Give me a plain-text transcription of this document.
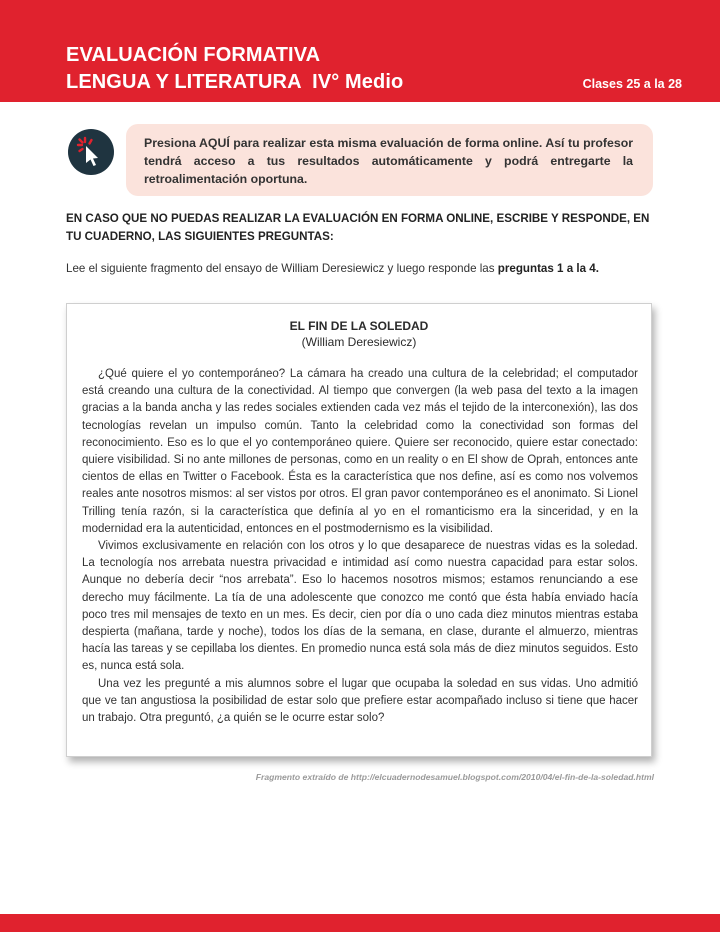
EVALUACIÓN FORMATIVA
LENGUA Y LITERATURA  IV° Medio	Clases 25 a la 28
Presiona AQUÍ para realizar esta misma evaluación de forma online. Así tu profesor tendrá acceso a tus resultados automáticamente y podrá entregarte la retroalimentación oportuna.
EN CASO QUE NO PUEDAS REALIZAR LA EVALUACIÓN EN FORMA ONLINE, ESCRIBE Y RESPONDE, EN TU CUADERNO, LAS SIGUIENTES PREGUNTAS:
Lee el siguiente fragmento del ensayo de William Deresiewicz y luego responde las preguntas 1 a la 4.
EL FIN DE LA SOLEDAD
(William Deresiewicz)

¿Qué quiere el yo contemporáneo? La cámara ha creado una cultura de la celebridad; el computador está creando una cultura de la conectividad. Al tiempo que convergen (la web pasa del texto a la imagen gracias a la banda ancha y las redes sociales extienden cada vez más el tejido de la interconexión), las dos tecnologías revelan un impulso común. Tanto la celebridad como la conectividad son formas del reconocimiento. Eso es lo que el yo contemporáneo quiere. Quiere ser reconocido, quiere estar conectado: quiere visibilidad. Si no ante millones de personas, como en un reality o en El show de Oprah, entonces ante cientos de ellas en Twitter o Facebook. Ésta es la característica que nos define, así es como nos volvemos reales ante nosotros mismos: al ser vistos por otros. El gran pavor contemporáneo es el anonimato. Si Lionel Trilling tenía razón, si la característica que definía al yo en el romanticismo era la sinceridad, y en la modernidad era la autenticidad, entonces en el postmodernismo es la visibilidad.

Vivimos exclusivamente en relación con los otros y lo que desaparece de nuestras vidas es la soledad. La tecnología nos arrebata nuestra privacidad e intimidad así como nuestra capacidad para estar solos. Aunque no debería decir “nos arrebata”. Eso lo hacemos nosotros mismos; estamos renunciando a ese derecho muy fácilmente. La tía de una adolescente que conozco me contó que ésta había enviado hacía poco tres mil mensajes de texto en un mes. Es decir, cien por día o uno cada diez minutos mientras estaba despierta (mañana, tarde y noche), todos los días de la semana, en clase, durante el almuerzo, mientras hacía las tareas y se cepillaba los dientes. En promedio nunca está sola más de diez minutos seguidos. Esto es, nunca está sola.

Una vez les pregunté a mis alumnos sobre el lugar que ocupaba la soledad en sus vidas. Uno admitió que ve tan angustiosa la posibilidad de estar solo que prefiere estar acompañado incluso si tiene que hacer un trabajo. Otra preguntó, ¿a quién se le ocurre estar solo?

Fragmento extraído de http://elcuadernodesamuel.blogspot.com/2010/04/el-fin-de-la-soledad.html
